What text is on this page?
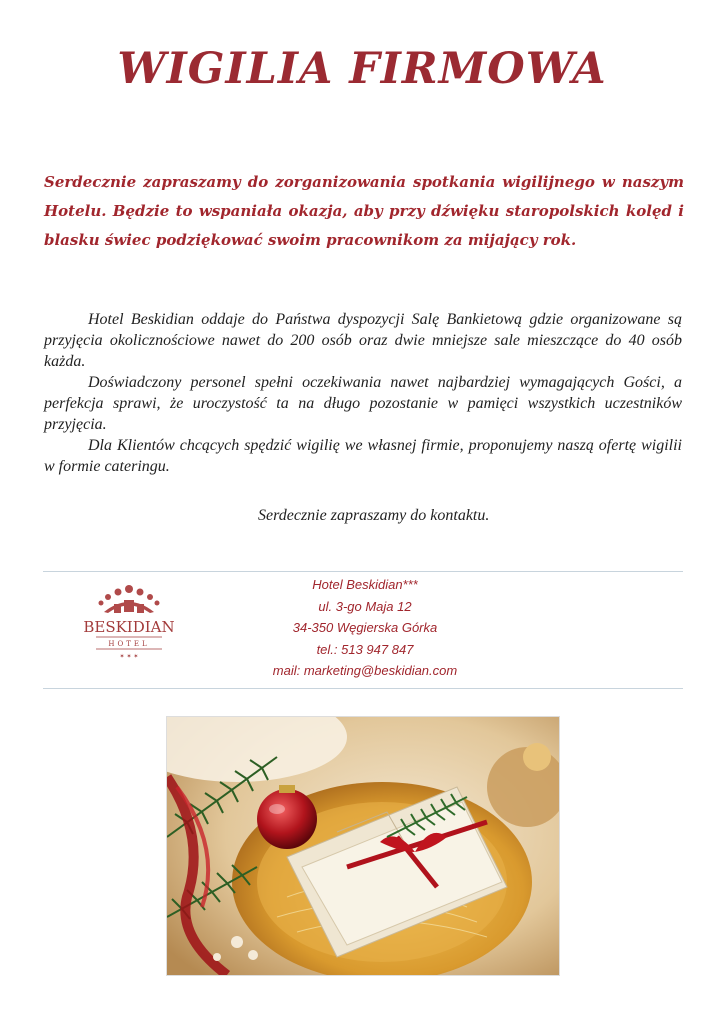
WIGILIA FIRMOWA

Serdecznie zapraszamy do zorganizowania spotkania wigilijnego w naszym Hotelu. Będzie to wspaniała okazja, aby przy dźwięku staropolskich kolęd i blasku świec podziękować swoim pracownikom za mijający rok.

Hotel Beskidian oddaje do Państwa dyspozycji Salę Bankietową gdzie organizowane są przyjęcia okolicznościowe nawet do 200 osób oraz dwie mniejsze sale mieszczące do 40 osób każda.

Doświadczony personel spełni oczekiwania nawet najbardziej wymagających Gości, a perfekcja sprawi, że uroczystość ta na długo pozostanie w pamięci wszystkich uczestników przyjęcia.

Dla Klientów chcących spędzić wigilię we własnej firmie, proponujemy naszą ofertę wigilii w formie cateringu.

Serdecznie zapraszamy do kontaktu.

BESKIDIAN
HOTEL
✶ ✶ ✶
Hotel Beskidian***
ul. 3-go Maja 12
34-350 Węgierska Górka
tel.: 513 947 847
mail: marketing@beskidian.com
